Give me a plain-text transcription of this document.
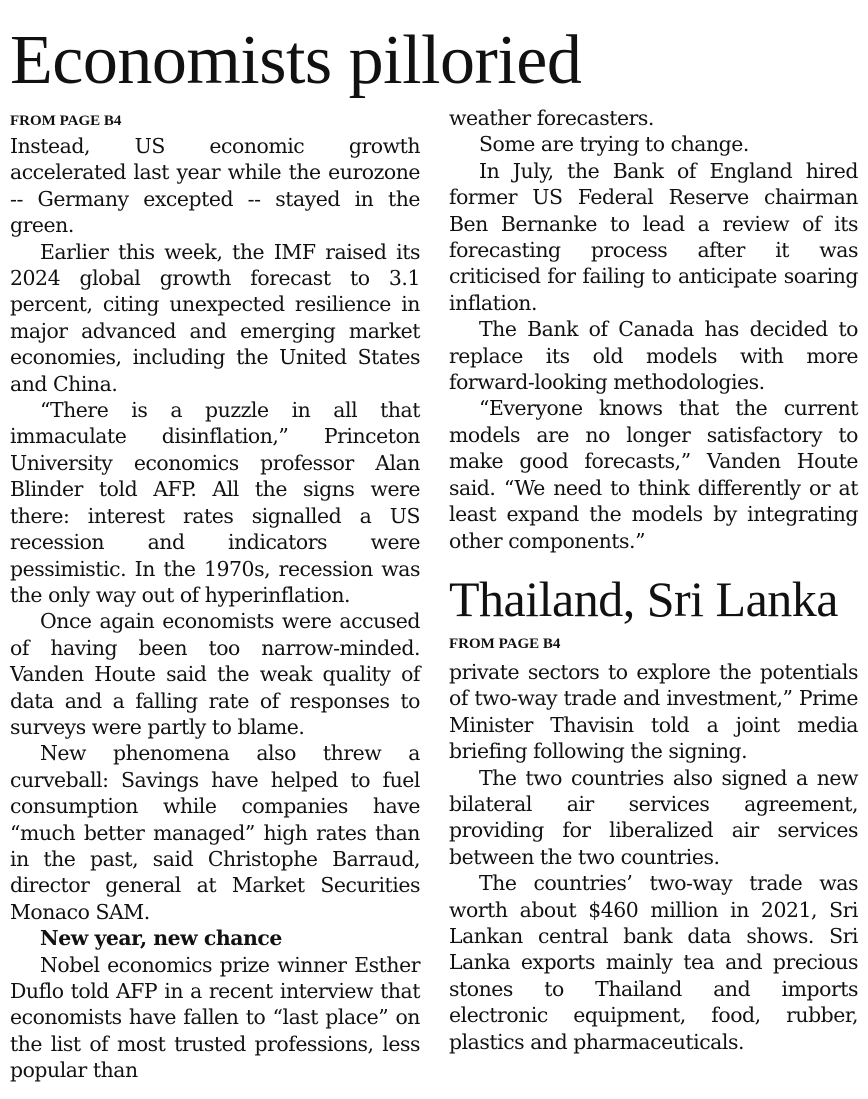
Economists pilloried
FROM PAGE B4

Instead, US economic growth accelerated last year while the eurozone -- Germany excepted -- stayed in the green.

Earlier this week, the IMF raised its 2024 global growth forecast to 3.1 percent, citing unexpected resilience in major advanced and emerging market economies, including the United States and China.

“There is a puzzle in all that immaculate disinflation,” Princeton University economics professor Alan Blinder told AFP. All the signs were there: interest rates signalled a US recession and indicators were pessimistic. In the 1970s, recession was the only way out of hyperinflation.

Once again economists were accused of having been too narrow-minded. Vanden Houte said the weak quality of data and a falling rate of responses to surveys were partly to blame.

New phenomena also threw a curveball: Savings have helped to fuel consumption while companies have “much better managed” high rates than in the past, said Christophe Barraud, director general at Market Securities Monaco SAM.

New year, new chance

Nobel economics prize winner Esther Duflo told AFP in a recent interview that economists have fallen to “last place” on the list of most trusted professions, less popular than

weather forecasters.

Some are trying to change.

In July, the Bank of England hired former US Federal Reserve chairman Ben Bernanke to lead a review of its forecasting process after it was criticised for failing to anticipate soaring inflation.

The Bank of Canada has decided to replace its old models with more forward-looking methodologies.

“Everyone knows that the current models are no longer satisfactory to make good forecasts,” Vanden Houte said. “We need to think differently or at least expand the models by integrating other components.”

Thailand, Sri Lanka
FROM PAGE B4

private sectors to explore the potentials of two-way trade and investment,” Prime Minister Thavisin told a joint media briefing following the signing.

The two countries also signed a new bilateral air services agreement, providing for liberalized air services between the two countries.

The countries’ two-way trade was worth about $460 million in 2021, Sri Lankan central bank data shows. Sri Lanka exports mainly tea and precious stones to Thailand and imports electronic equipment, food, rubber, plastics and pharmaceuticals.
